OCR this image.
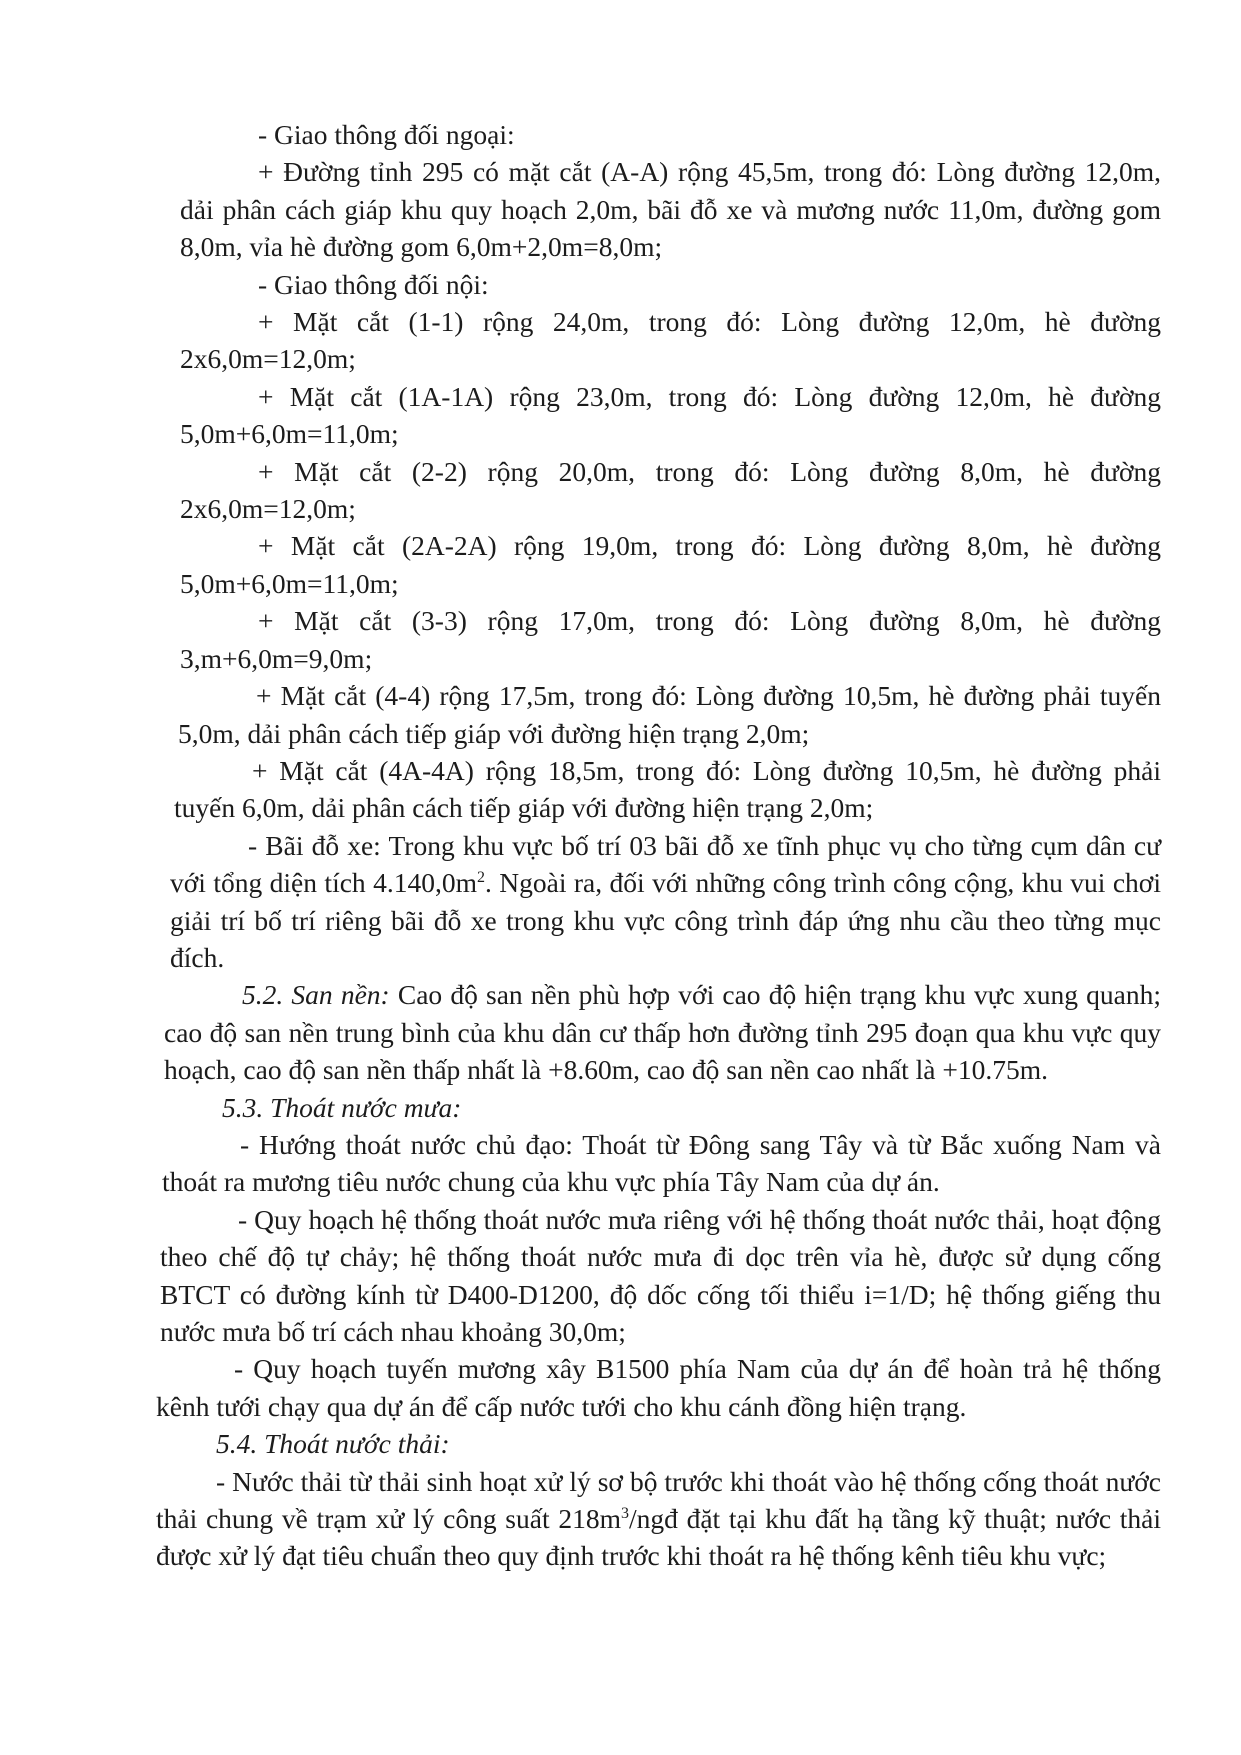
- Giao thông đối ngoại:

+ Đường tỉnh 295 có mặt cắt (A-A) rộng 45,5m, trong đó: Lòng đường 12,0m, dải phân cách giáp khu quy hoạch 2,0m, bãi đỗ xe và mương nước 11,0m, đường gom 8,0m, vỉa hè đường gom 6,0m+2,0m=8,0m;

- Giao thông đối nội:

+ Mặt cắt (1-1) rộng 24,0m, trong đó: Lòng đường 12,0m, hè đường 2x6,0m=12,0m;

+ Mặt cắt (1A-1A) rộng 23,0m, trong đó: Lòng đường 12,0m, hè đường 5,0m+6,0m=11,0m;

+ Mặt cắt (2-2) rộng 20,0m, trong đó: Lòng đường 8,0m, hè đường 2x6,0m=12,0m;

+ Mặt cắt (2A-2A) rộng 19,0m, trong đó: Lòng đường 8,0m, hè đường 5,0m+6,0m=11,0m;

+ Mặt cắt (3-3) rộng 17,0m, trong đó: Lòng đường 8,0m, hè đường 3,m+6,0m=9,0m;

+ Mặt cắt (4-4) rộng 17,5m, trong đó: Lòng đường 10,5m, hè đường phải tuyến 5,0m, dải phân cách tiếp giáp với đường hiện trạng 2,0m;

+ Mặt cắt (4A-4A) rộng 18,5m, trong đó: Lòng đường 10,5m, hè đường phải tuyến 6,0m, dải phân cách tiếp giáp với đường hiện trạng 2,0m;

- Bãi đỗ xe: Trong khu vực bố trí 03 bãi đỗ xe tĩnh phục vụ cho từng cụm dân cư với tổng diện tích $4.140,0m^2$. Ngoài ra, đối với những công trình công cộng, khu vui chơi giải trí bố trí riêng bãi đỗ xe trong khu vực công trình đáp ứng nhu cầu theo từng mục đích.

5.2. San nền: Cao độ san nền phù hợp với cao độ hiện trạng khu vực xung quanh; cao độ san nền trung bình của khu dân cư thấp hơn đường tỉnh 295 đoạn qua khu vực quy hoạch, cao độ san nền thấp nhất là +8.60m, cao độ san nền cao nhất là +10.75m.

5.3. Thoát nước mưa:

- Hướng thoát nước chủ đạo: Thoát từ Đông sang Tây và từ Bắc xuống Nam và thoát ra mương tiêu nước chung của khu vực phía Tây Nam của dự án.

- Quy hoạch hệ thống thoát nước mưa riêng với hệ thống thoát nước thải, hoạt động theo chế độ tự chảy; hệ thống thoát nước mưa đi dọc trên vỉa hè, được sử dụng cống BTCT có đường kính từ D400-D1200, độ dốc cống tối thiểu i=1/D; hệ thống giếng thu nước mưa bố trí cách nhau khoảng 30,0m;

- Quy hoạch tuyến mương xây B1500 phía Nam của dự án để hoàn trả hệ thống kênh tưới chạy qua dự án để cấp nước tưới cho khu cánh đồng hiện trạng.

5.4. Thoát nước thải:

- Nước thải từ thải sinh hoạt xử lý sơ bộ trước khi thoát vào hệ thống cống thoát nước thải chung về trạm xử lý công suất $218m^3$/ngđ đặt tại khu đất hạ tầng kỹ thuật; nước thải được xử lý đạt tiêu chuẩn theo quy định trước khi thoát ra hệ thống kênh tiêu khu vực;
